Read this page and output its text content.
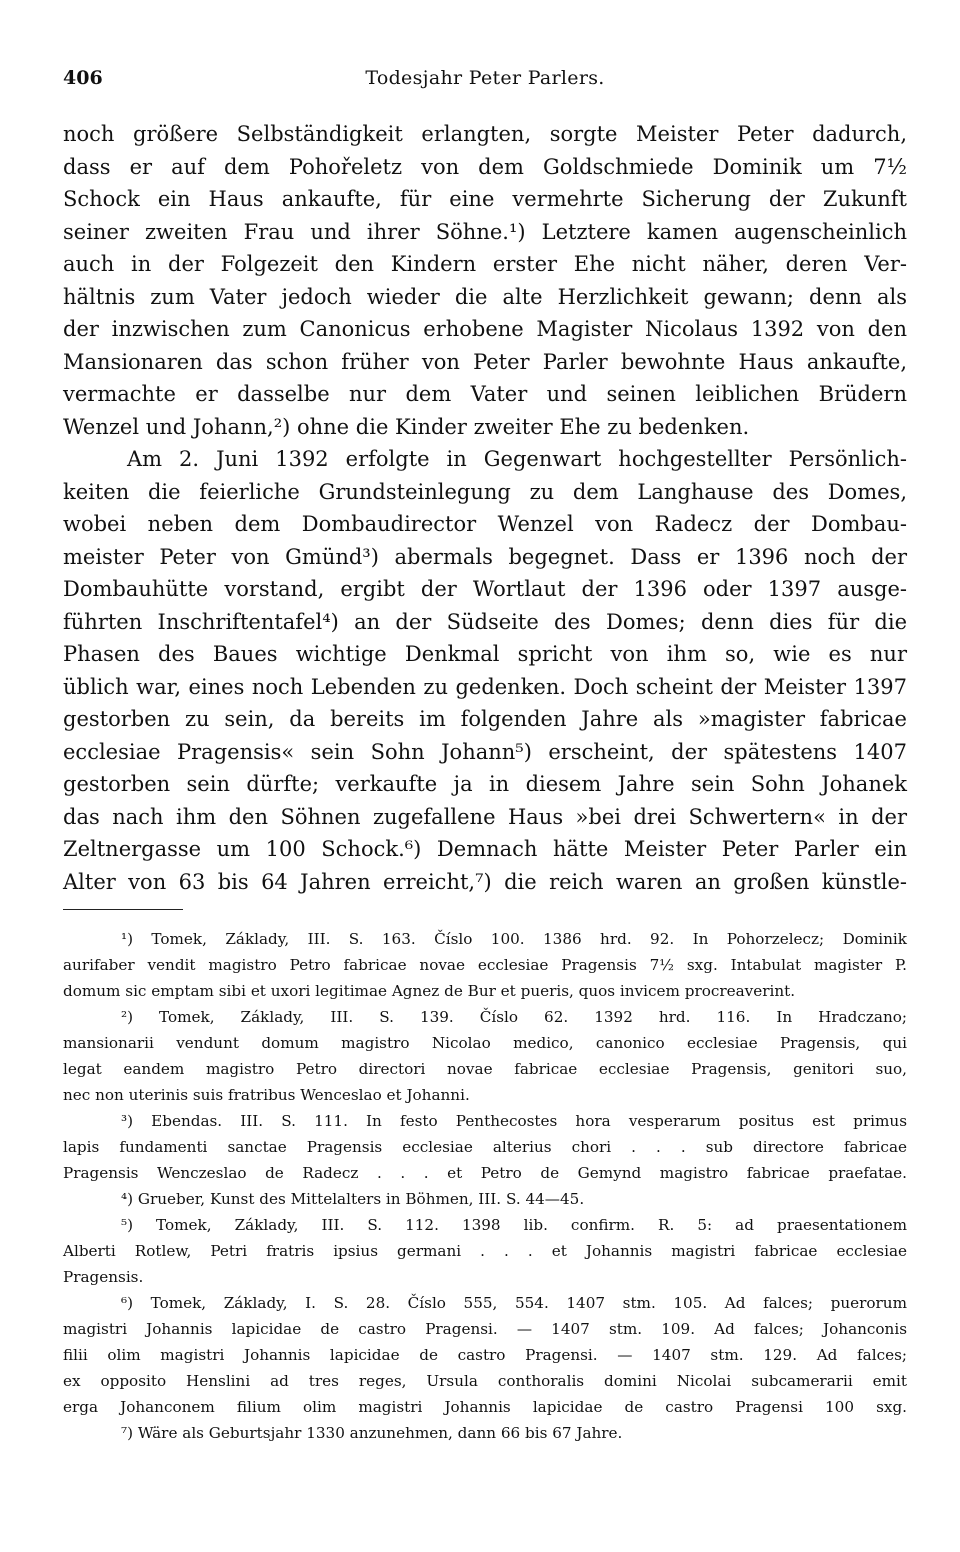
406	Todesjahr Peter Parlers.
noch größere Selbständigkeit erlangten, sorgte Meister Peter dadurch,
dass er auf dem Pohořeletz von dem Goldschmiede Dominik um 7½
Schock ein Haus ankaufte, für eine vermehrte Sicherung der Zukunft
seiner zweiten Frau und ihrer Söhne.¹) Letztere kamen augenscheinlich
auch in der Folgezeit den Kindern erster Ehe nicht näher, deren Ver-
hältnis zum Vater jedoch wieder die alte Herzlichkeit gewann; denn als
der inzwischen zum Canonicus erhobene Magister Nicolaus 1392 von den
Mansionaren das schon früher von Peter Parler bewohnte Haus ankaufte,
vermachte er dasselbe nur dem Vater und seinen leiblichen Brüdern
Wenzel und Johann,²) ohne die Kinder zweiter Ehe zu bedenken.
Am 2. Juni 1392 erfolgte in Gegenwart hochgestellter Persönlich-
keiten die feierliche Grundsteinlegung zu dem Langhause des Domes,
wobei neben dem Dombaudirector Wenzel von Radecz der Dombau-
meister Peter von Gmünd³) abermals begegnet. Dass er 1396 noch der
Dombauhütte vorstand, ergibt der Wortlaut der 1396 oder 1397 ausge-
führten Inschriftentafel⁴) an der Südseite des Domes; denn dies für die
Phasen des Baues wichtige Denkmal spricht von ihm so, wie es nur
üblich war, eines noch Lebenden zu gedenken. Doch scheint der Meister 1397
gestorben zu sein, da bereits im folgenden Jahre als »magister fabricae
ecclesiae Pragensis« sein Sohn Johann⁵) erscheint, der spätestens 1407
gestorben sein dürfte; verkaufte ja in diesem Jahre sein Sohn Johanek
das nach ihm den Söhnen zugefallene Haus »bei drei Schwertern« in der
Zeltnergasse um 100 Schock.⁶) Demnach hätte Meister Peter Parler ein
Alter von 63 bis 64 Jahren erreicht,⁷) die reich waren an großen künstle-
¹) Tomek, Základy, III. S. 163. Číslo 100. 1386 hrd. 92. In Pohorzelecz; Dominik
aurifaber vendit magistro Petro fabricae novae ecclesiae Pragensis 7½ sxg. Intabulat magister P.
domum sic emptam sibi et uxori legitimae Agnez de Bur et pueris, quos invicem procreaverint.
²) Tomek, Základy, III. S. 139. Číslo 62. 1392 hrd. 116. In Hradczano;
mansionarii vendunt domum magistro Nicolao medico, canonico ecclesiae Pragensis, qui
legat eandem magistro Petro directori novae fabricae ecclesiae Pragensis, genitori suo,
nec non uterinis suis fratribus Wenceslao et Johanni.
³) Ebendas. III. S. 111. In festo Penthecostes hora vesperarum positus est primus
lapis fundamenti sanctae Pragensis ecclesiae alterius chori . . . sub directore fabricae
Pragensis Wenczeslao de Radecz . . . et Petro de Gemynd magistro fabricae praefatae.
⁴) Grueber, Kunst des Mittelalters in Böhmen, III. S. 44—45.
⁵) Tomek, Základy, III. S. 112. 1398 lib. confirm. R. 5: ad praesentationem
Alberti Rotlew, Petri fratris ipsius germani . . . et Johannis magistri fabricae ecclesiae
Pragensis.
⁶) Tomek, Základy, I. S. 28. Číslo 555, 554. 1407 stm. 105. Ad falces; puerorum
magistri Johannis lapicidae de castro Pragensi. — 1407 stm. 109. Ad falces; Johanconis
filii olim magistri Johannis lapicidae de castro Pragensi. — 1407 stm. 129. Ad falces;
ex opposito Henslini ad tres reges, Ursula conthoralis domini Nicolai subcamerarii emit
erga Johanconem filium olim magistri Johannis lapicidae de castro Pragensi 100 sxg.
⁷) Wäre als Geburtsjahr 1330 anzunehmen, dann 66 bis 67 Jahre.
